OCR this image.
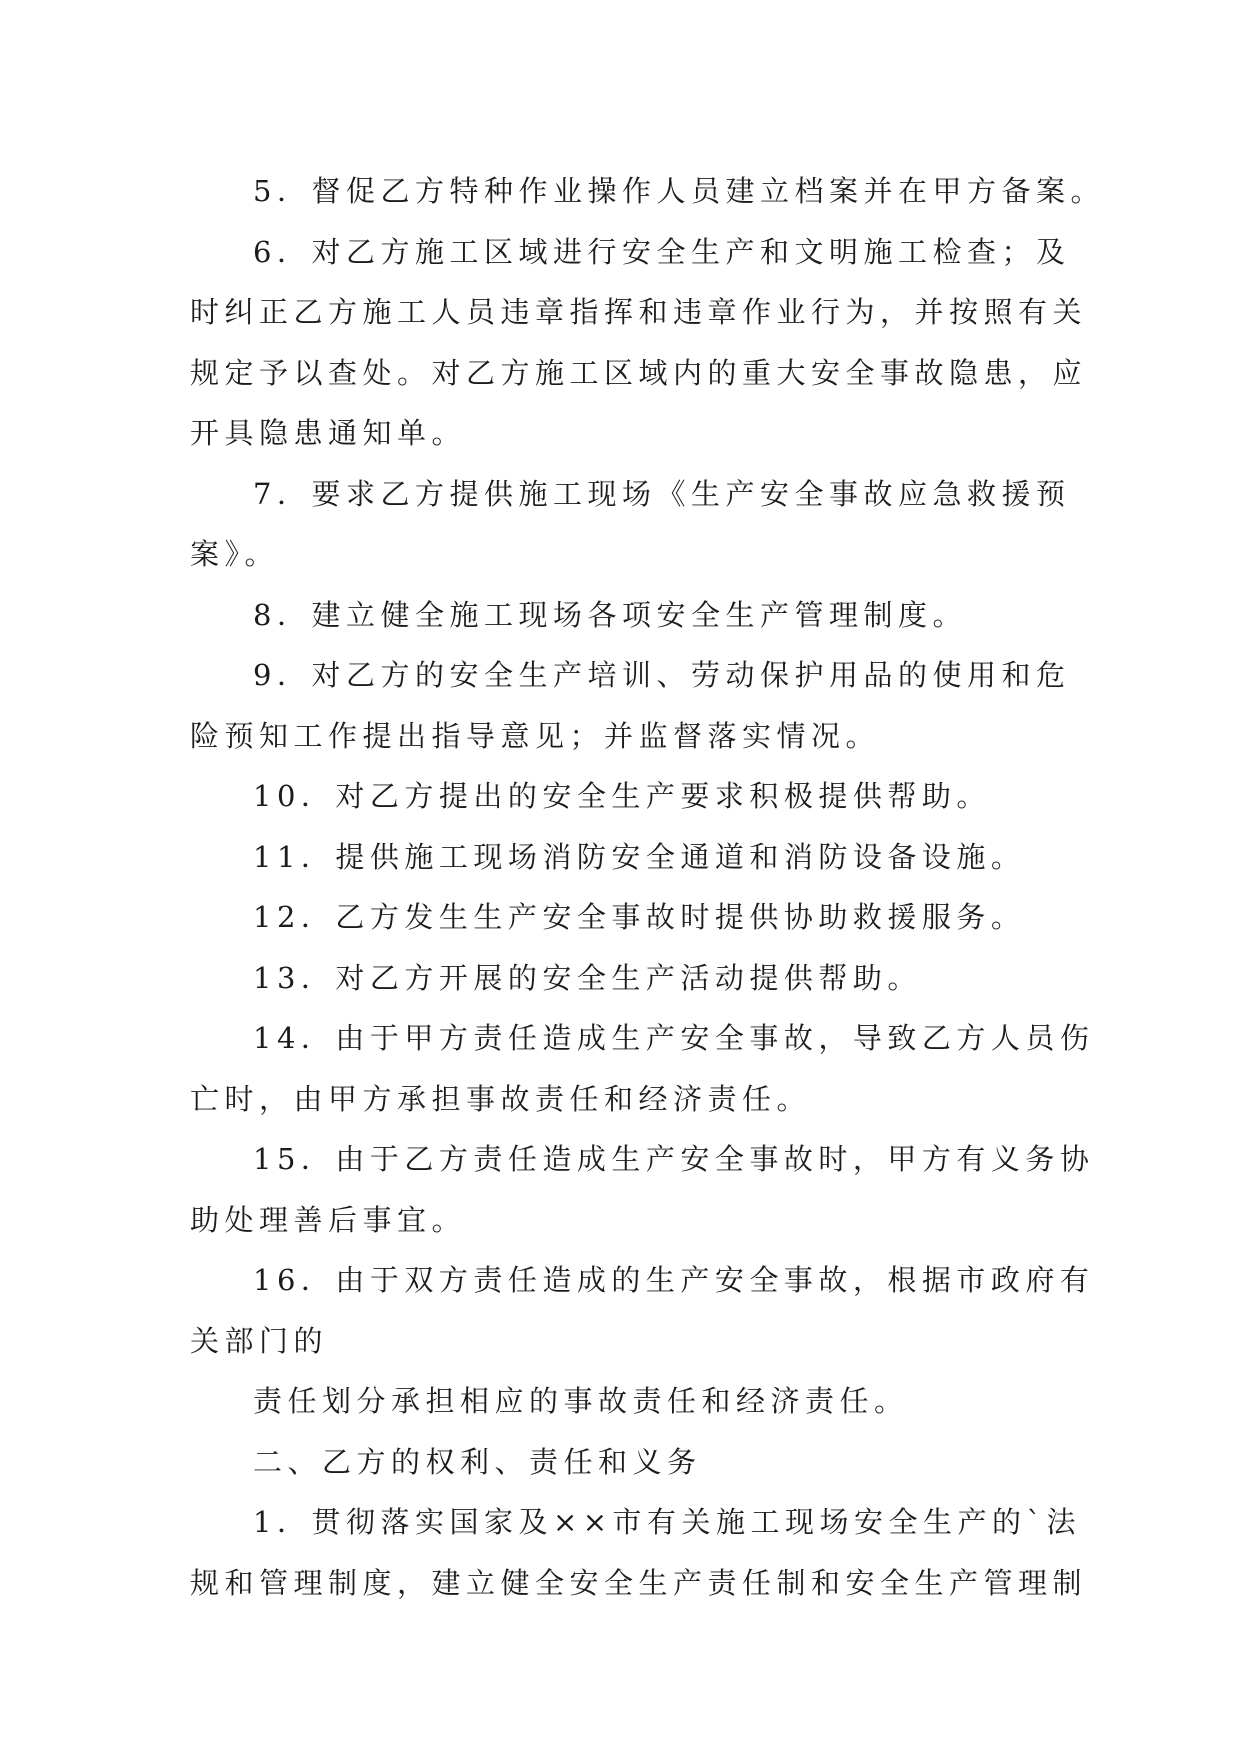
5．督促乙方特种作业操作人员建立档案并在甲方备案。
6．对乙方施工区域进行安全生产和文明施工检查；及
时纠正乙方施工人员违章指挥和违章作业行为，并按照有关
规定予以查处。对乙方施工区域内的重大安全事故隐患，应
开具隐患通知单。
7．要求乙方提供施工现场《生产安全事故应急救援预
案》。
8．建立健全施工现场各项安全生产管理制度。
9．对乙方的安全生产培训、劳动保护用品的使用和危
险预知工作提出指导意见；并监督落实情况。
10．对乙方提出的安全生产要求积极提供帮助。
11．提供施工现场消防安全通道和消防设备设施。
12．乙方发生生产安全事故时提供协助救援服务。
13．对乙方开展的安全生产活动提供帮助。
14．由于甲方责任造成生产安全事故，导致乙方人员伤
亡时，由甲方承担事故责任和经济责任。
15．由于乙方责任造成生产安全事故时，甲方有义务协
助处理善后事宜。
16．由于双方责任造成的生产安全事故，根据市政府有
关部门的
责任划分承担相应的事故责任和经济责任。
二、乙方的权利、责任和义务
1．贯彻落实国家及××市有关施工现场安全生产的`法
规和管理制度，建立健全安全生产责任制和安全生产管理制
